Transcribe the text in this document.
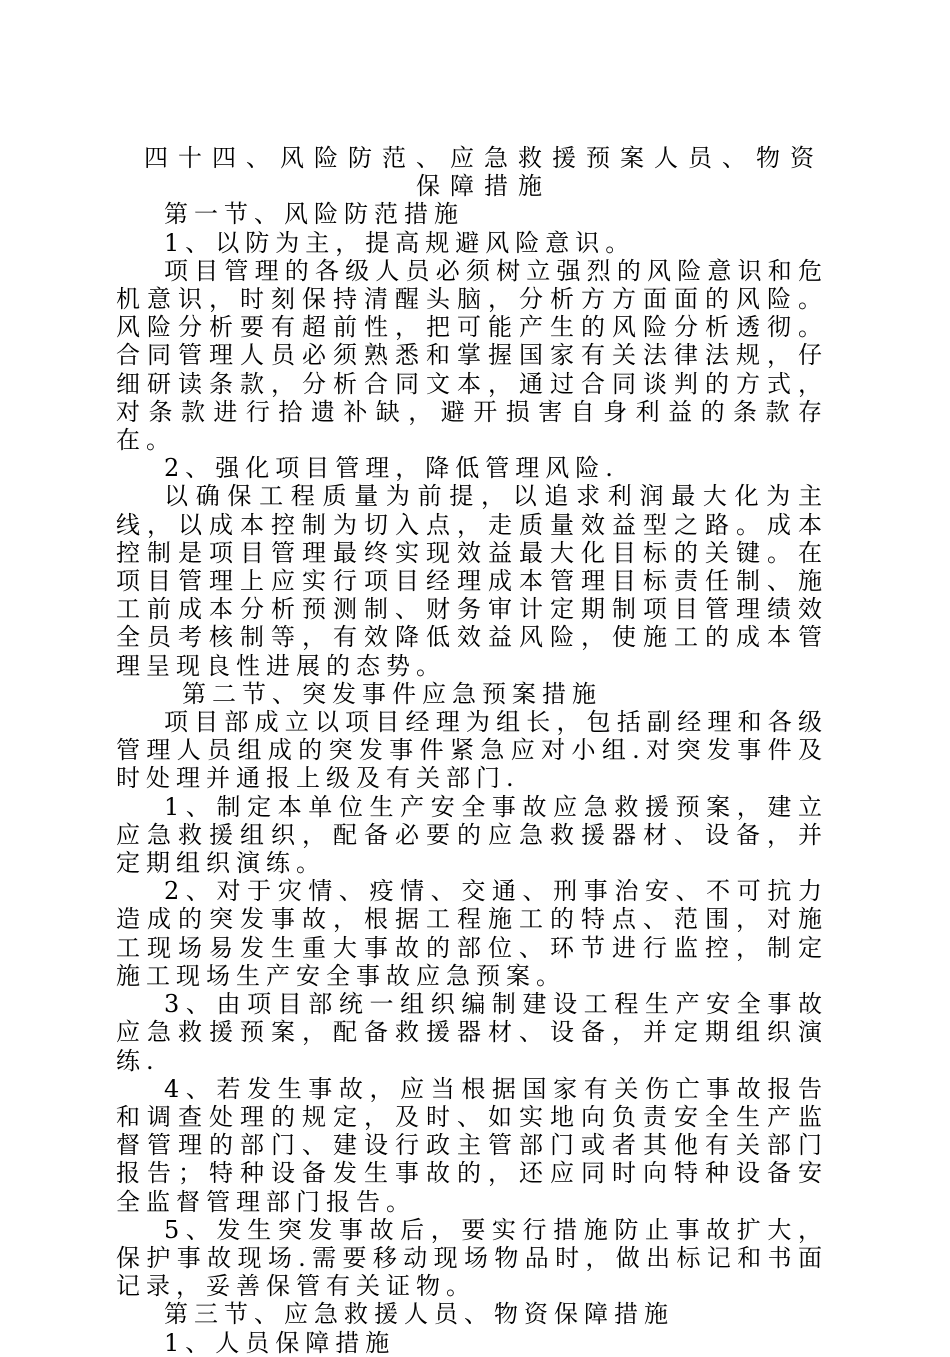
四十四、风险防范、应急救援预案人员、物资

保障措施

第一节、风险防范措施

1、以防为主，提高规避风险意识。

项目管理的各级人员必须树立强烈的风险意识和危机意识，时刻保持清醒头脑，分析方方面面的风险。风险分析要有超前性，把可能产生的风险分析透彻。合同管理人员必须熟悉和掌握国家有关法律法规，仔细研读条款，分析合同文本，通过合同谈判的方式，对条款进行拾遗补缺，避开损害自身利益的条款存在。

2、强化项目管理，降低管理风险.

以确保工程质量为前提，以追求利润最大化为主线，以成本控制为切入点，走质量效益型之路。成本控制是项目管理最终实现效益最大化目标的关键。在项目管理上应实行项目经理成本管理目标责任制、施工前成本分析预测制、财务审计定期制项目管理绩效全员考核制等，有效降低效益风险，使施工的成本管理呈现良性进展的态势。

第二节、突发事件应急预案措施

项目部成立以项目经理为组长，包括副经理和各级管理人员组成的突发事件紧急应对小组.对突发事件及时处理并通报上级及有关部门.

1、制定本单位生产安全事故应急救援预案，建立应急救援组织，配备必要的应急救援器材、设备，并定期组织演练。

2、对于灾情、疫情、交通、刑事治安、不可抗力造成的突发事故，根据工程施工的特点、范围，对施工现场易发生重大事故的部位、环节进行监控，制定施工现场生产安全事故应急预案。

3、由项目部统一组织编制建设工程生产安全事故应急救援预案，配备救援器材、设备，并定期组织演练.

4、若发生事故，应当根据国家有关伤亡事故报告和调查处理的规定，及时、如实地向负责安全生产监督管理的部门、建设行政主管部门或者其他有关部门报告；特种设备发生事故的，还应同时向特种设备安全监督管理部门报告。

5、发生突发事故后，要实行措施防止事故扩大，保护事故现场.需要移动现场物品时，做出标记和书面记录，妥善保管有关证物。

第三节、应急救援人员、物资保障措施

1、人员保障措施
